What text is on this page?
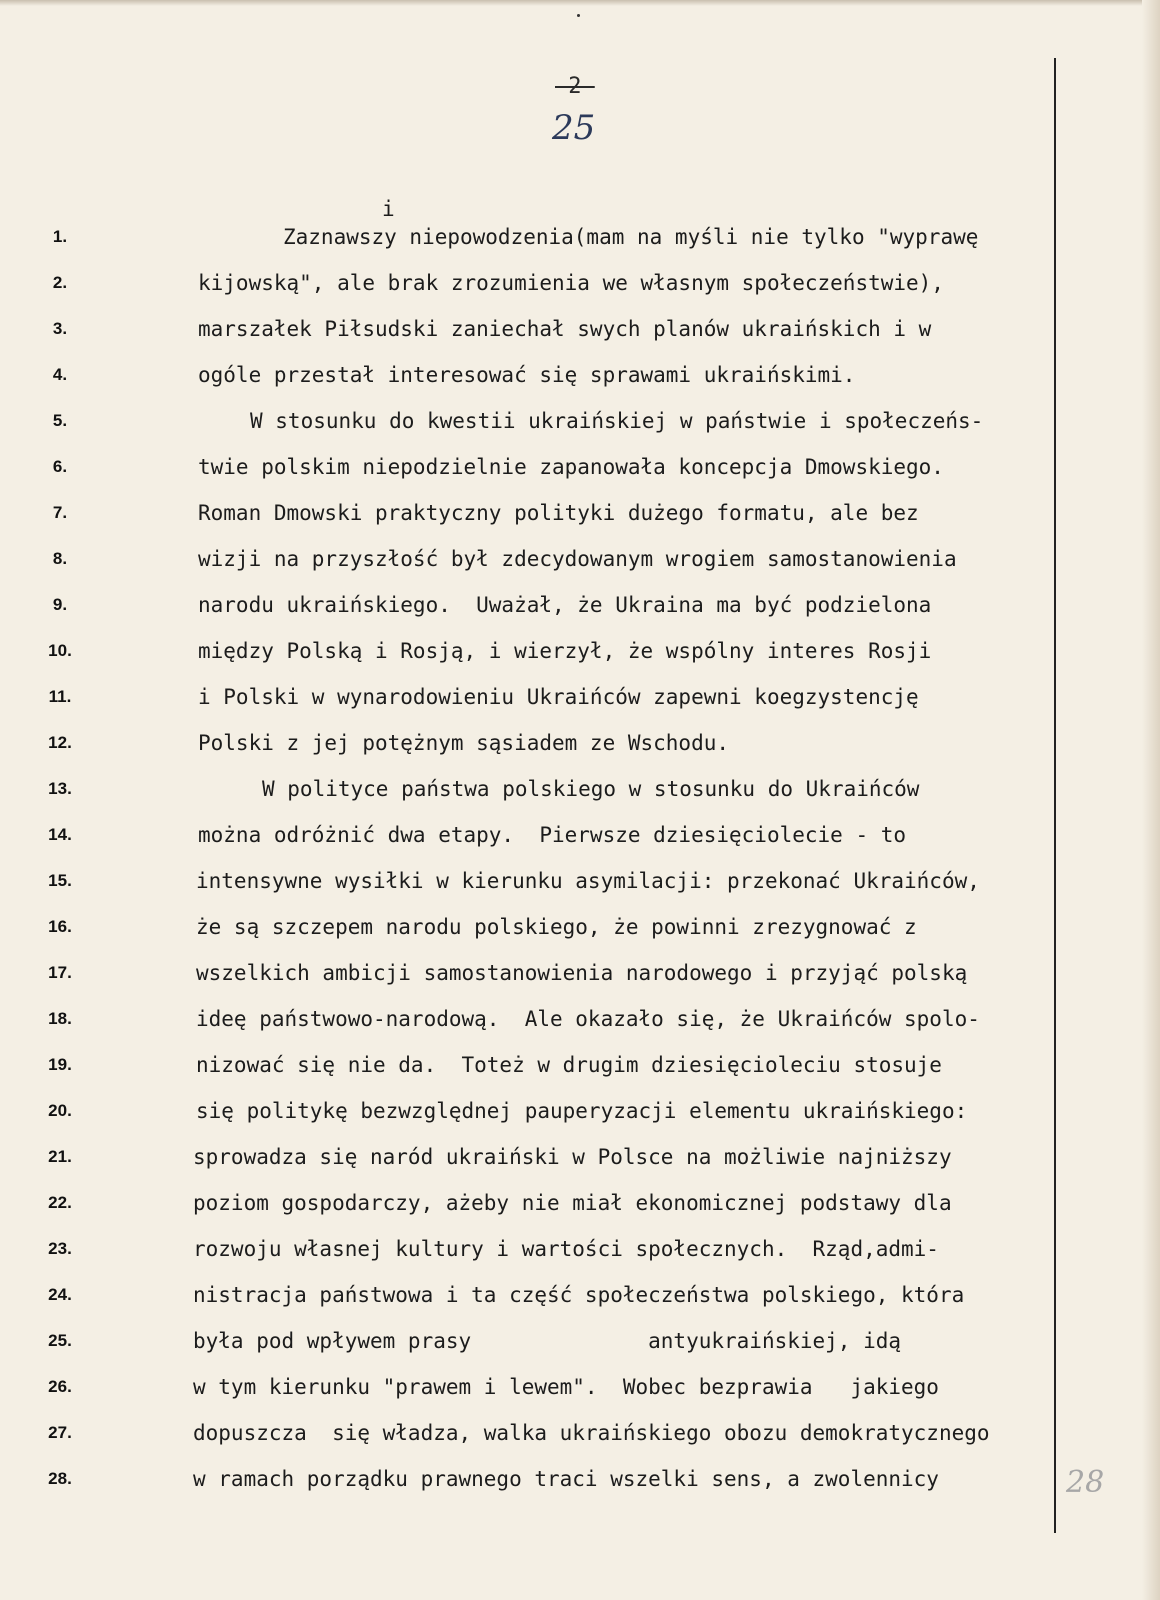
-2-
25
28
i
1.
2.
3.
4.
5.
6.
7.
8.
9.
10.
11.
12.
13.
14.
15.
16.
17.
18.
19.
20.
21.
22.
23.
24.
25.
26.
27.
28.
Zaznawszy niepowodzenia(mam na myśli nie tylko "wyprawę
kijowską", ale brak zrozumienia we własnym społeczeństwie),
marszałek Piłsudski zaniechał swych planów ukraińskich i w
ogóle przestał interesować się sprawami ukraińskimi.
W stosunku do kwestii ukraińskiej w państwie i społeczeńs-
twie polskim niepodzielnie zapanowała koncepcja Dmowskiego.
Roman Dmowski praktyczny polityki dużego formatu, ale bez
wizji na przyszłość był zdecydowanym wrogiem samostanowienia
narodu ukraińskiego.  Uważał, że Ukraina ma być podzielona
między Polską i Rosją, i wierzył, że wspólny interes Rosji
i Polski w wynarodowieniu Ukraińców zapewni koegzystencję
Polski z jej potężnym sąsiadem ze Wschodu.
W polityce państwa polskiego w stosunku do Ukraińców
można odróżnić dwa etapy.  Pierwsze dziesięciolecie - to
intensywne wysiłki w kierunku asymilacji: przekonać Ukraińców,
że są szczepem narodu polskiego, że powinni zrezygnować z
wszelkich ambicji samostanowienia narodowego i przyjąć polską
ideę państwowo-narodową.  Ale okazało się, że Ukraińców spolo-
nizować się nie da.  Toteż w drugim dziesięcioleciu stosuje
się politykę bezwzględnej pauperyzacji elementu ukraińskiego:
sprowadza się naród ukraiński w Polsce na możliwie najniższy
poziom gospodarczy, ażeby nie miał ekonomicznej podstawy dla
rozwoju własnej kultury i wartości społecznych.  Rząd,admi-
nistracja państwowa i ta część społeczeństwa polskiego, która
była pod wpływem prasy              antyukraińskiej, idą
w tym kierunku "prawem i lewem".  Wobec bezprawia   jakiego
dopuszcza  się władza, walka ukraińskiego obozu demokratycznego
w ramach porządku prawnego traci wszelki sens, a zwolennicy
